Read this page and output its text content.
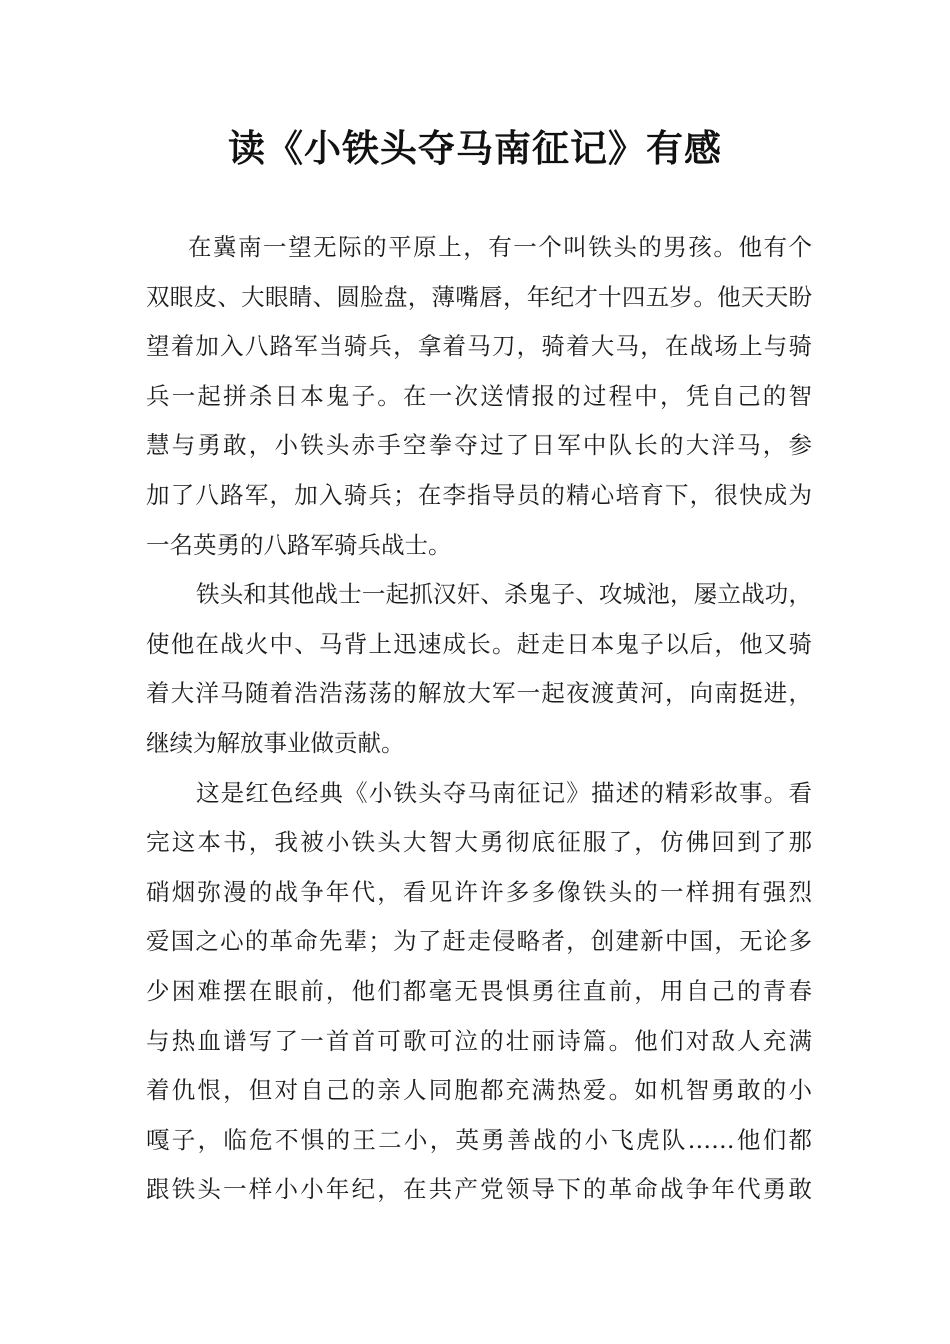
读《小铁头夺马南征记》有感
在冀南一望无际的平原上，有一个叫铁头的男孩。他有个
双眼皮、大眼睛、圆脸盘，薄嘴唇，年纪才十四五岁。他天天盼
望着加入八路军当骑兵，拿着马刀，骑着大马，在战场上与骑
兵一起拼杀日本鬼子。在一次送情报的过程中，凭自己的智
慧与勇敢，小铁头赤手空拳夺过了日军中队长的大洋马，参
加了八路军，加入骑兵；在李指导员的精心培育下，很快成为
一名英勇的八路军骑兵战士。
铁头和其他战士一起抓汉奸、杀鬼子、攻城池，屡立战功，
使他在战火中、马背上迅速成长。赶走日本鬼子以后，他又骑
着大洋马随着浩浩荡荡的解放大军一起夜渡黄河，向南挺进，
继续为解放事业做贡献。
这是红色经典《小铁头夺马南征记》描述的精彩故事。看
完这本书，我被小铁头大智大勇彻底征服了，仿佛回到了那
硝烟弥漫的战争年代，看见许许多多像铁头的一样拥有强烈
爱国之心的革命先辈；为了赶走侵略者，创建新中国，无论多
少困难摆在眼前，他们都毫无畏惧勇往直前，用自己的青春
与热血谱写了一首首可歌可泣的壮丽诗篇。他们对敌人充满
着仇恨，但对自己的亲人同胞都充满热爱。如机智勇敢的小
嘎子，临危不惧的王二小，英勇善战的小飞虎队……他们都
跟铁头一样小小年纪，在共产党领导下的革命战争年代勇敢
